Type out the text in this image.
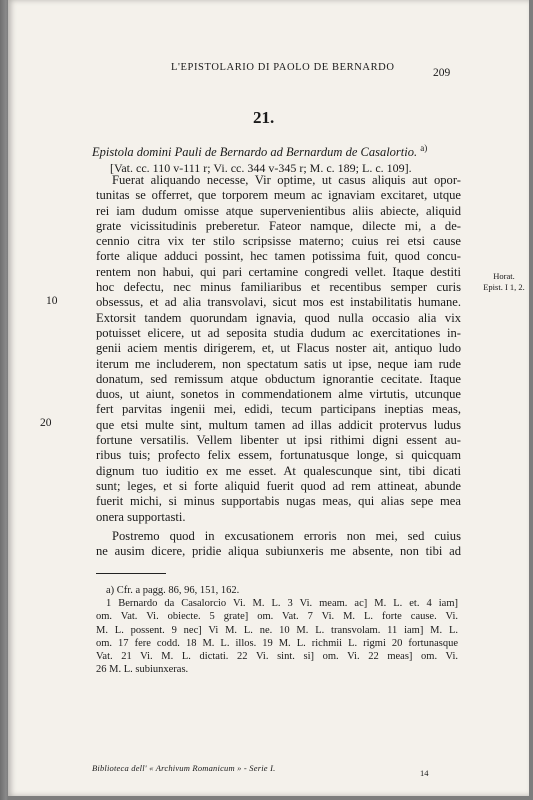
L'EPISTOLARIO DI PAOLO DE BERNARDO	209
21.
Epistola domini Pauli de Bernardo ad Bernardum de Casalortio. $^{a)}$
[Vat. cc. 110 v-111 r; Vi. cc. 344 v-345 r; M. c. 189; L. c. 109].
Fuerat aliquando necesse, Vir optime, ut casus aliquis aut opor-
tunitas se offerret, que torporem meum ac ignaviam excitaret, utque
rei iam dudum omisse atque supervenientibus aliis abiecte, aliquid
grate vicissitudinis preberetur. Fateor namque, dilecte mi, a de-
cennio citra vix ter stilo scripsisse materno; cuius rei etsi cause
forte alique adduci possint, hec tamen potissima fuit, quod concu-
rentem non habui, qui pari certamine congredi vellet. Itaque destiti
hoc defectu, nec minus familiaribus et recentibus semper curis
obsessus, et ad alia transvolavi, sicut mos est instabilitatis humane.
Extorsit tandem quorundam ignavia, quod nulla occasio alia vix
potuisset elicere, ut ad seposita studia dudum ac exercitationes in-
genii aciem mentis dirigerem, et, ut Flacus noster ait, antiquo ludo
iterum me includerem, non spectatum satis ut ipse, neque iam rude
donatum, sed remissum atque obductum ignorantie cecitate. Itaque
duos, ut aiunt, sonetos in commendationem alme virtutis, utcunque
fert parvitas ingenii mei, edidi, tecum participans ineptias meas,
que etsi multe sint, multum tamen ad illas addicit protervus ludus
fortune versatilis. Vellem libenter ut ipsi rithimi digni essent au-
ribus tuis; profecto felix essem, fortunatusque longe, si quicquam
dignum tuo iuditio ex me esset. At qualescunque sint, tibi dicati
sunt; leges, et si forte aliquid fuerit quod ad rem attineat, abunde
fuerit michi, si minus supportabis nugas meas, qui alias sepe mea
onera supportasti.
Postremo quod in excusationem erroris non mei, sed cuius
ne ausim dicere, pridie aliqua subiunxeris me absente, non tibi ad
10
20
Horat.
Epist. I 1, 2.
a) Cfr. a pagg. 86, 96, 151, 162.
1 Bernardo da Casalorcio Vi. M. L. 3 Vi. meam. ac] M. L. et. 4 iam]
om. Vat. Vi. obiecte. 5 grate] om. Vat. 7 Vi. M. L. forte cause. Vi.
M. L. possent. 9 nec] Vi M. L. ne. 10 M. L. transvolam. 11 iam] M. L.
om. 17 fere codd. 18 M. L. illos. 19 M. L. richmii L. rigmi 20 fortunasque
Vat. 21 Vi. M. L. dictati. 22 Vi. sint. si] om. Vi. 22 meas] om. Vi.
26 M. L. subiunxeras.
Biblioteca dell' « Archivum Romanicum » - Serie I.	14
